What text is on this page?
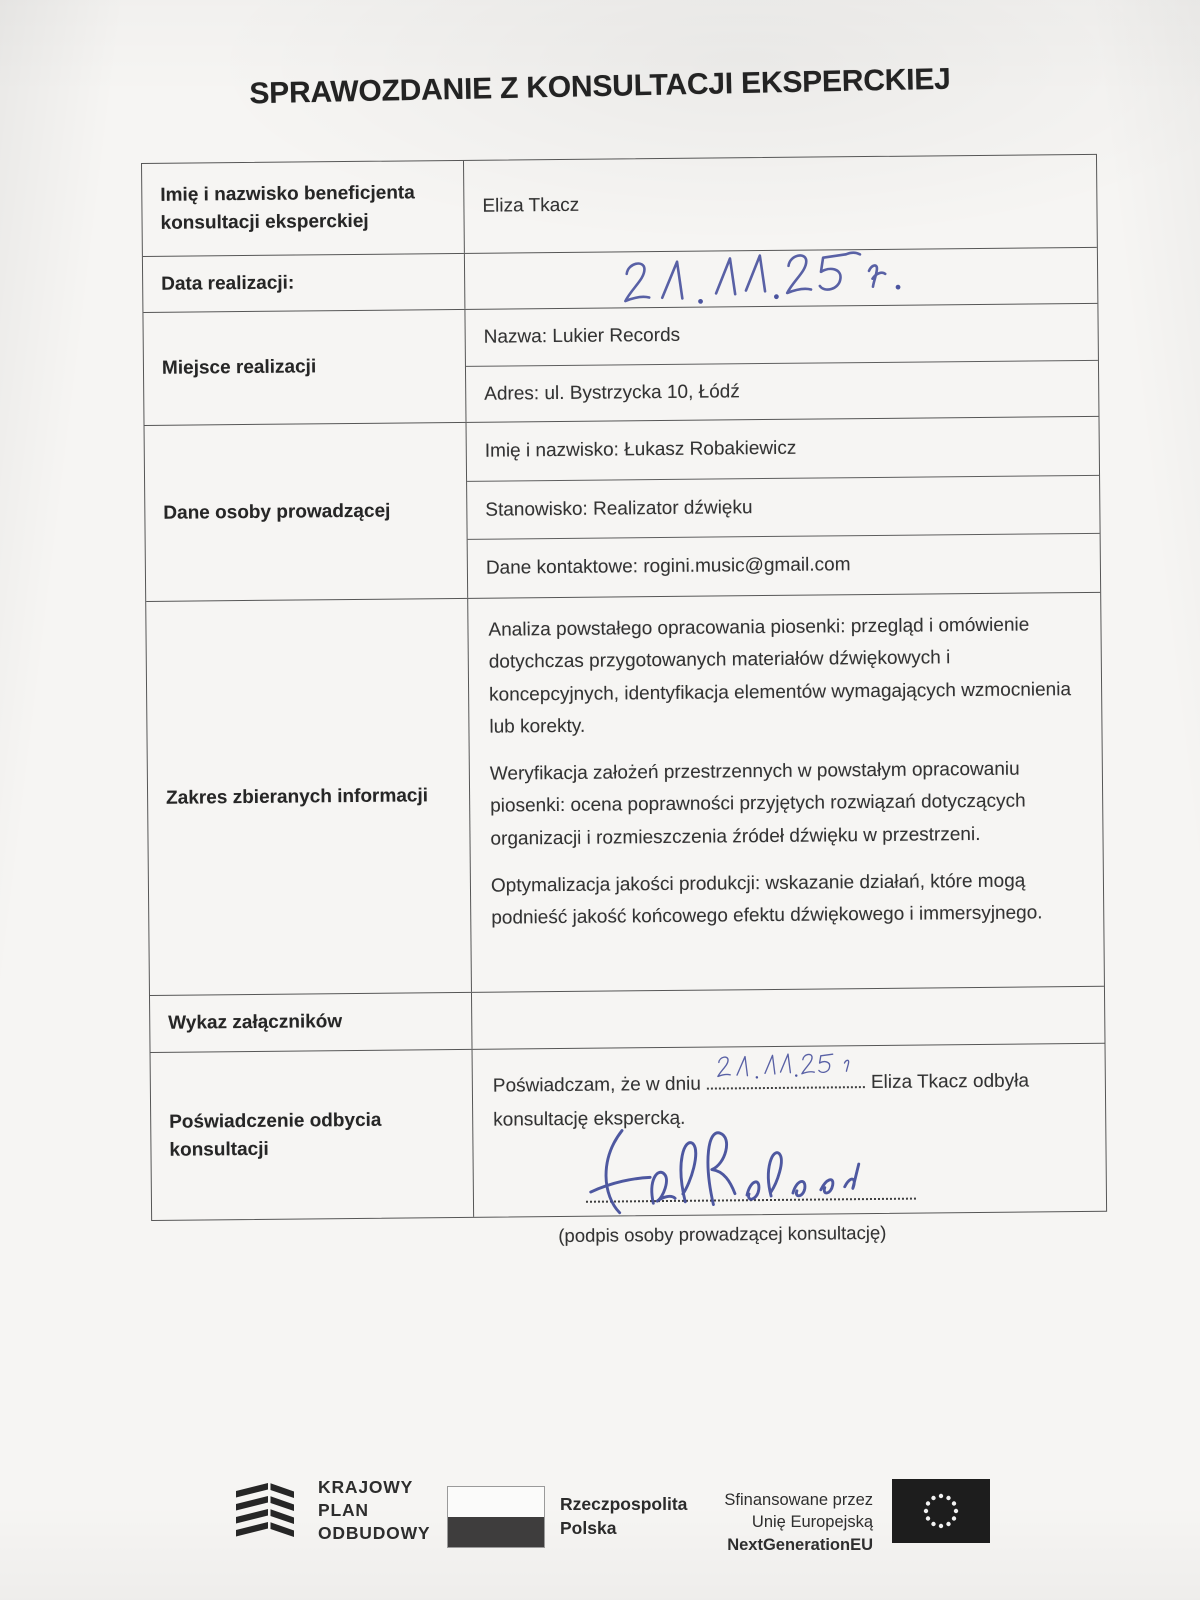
SPRAWOZDANIE Z KONSULTACJI EKSPERCKIEJ
Imię i nazwisko beneficjenta konsultacji eksperckiej
Eliza Tkacz
Data realizacji:
Miejsce realizacji
Nazwa: Lukier Records
Adres: ul. Bystrzycka 10, Łódź
Dane osoby prowadzącej
Imię i nazwisko: Łukasz Robakiewicz
Stanowisko: Realizator dźwięku
Dane kontaktowe: rogini.music@gmail.com
Zakres zbieranych informacji

Analiza powstałego opracowania piosenki: przegląd i omówienie dotychczas przygotowanych materiałów dźwiękowych i koncepcyjnych, identyfikacja elementów wymagających wzmocnienia lub korekty.

Weryfikacja założeń przestrzennych w powstałym opracowaniu piosenki: ocena poprawności przyjętych rozwiązań dotyczących organizacji i rozmieszczenia źródeł dźwięku w przestrzeni.

Optymalizacja jakości produkcji: wskazanie działań, które mogą podnieść jakość końcowego efektu dźwiękowego i immersyjnego.

Wykaz załączników
Poświadczenie odbycia konsultacji
Poświadczam, że w dniu	Eliza Tkacz odbyła
konsultację ekspercką.
(podpis osoby prowadzącej konsultację)
KRAJOWY
PLAN
ODBUDOWY
Rzeczpospolita
Polska
Sfinansowane przez
Unię Europejską
NextGenerationEU
